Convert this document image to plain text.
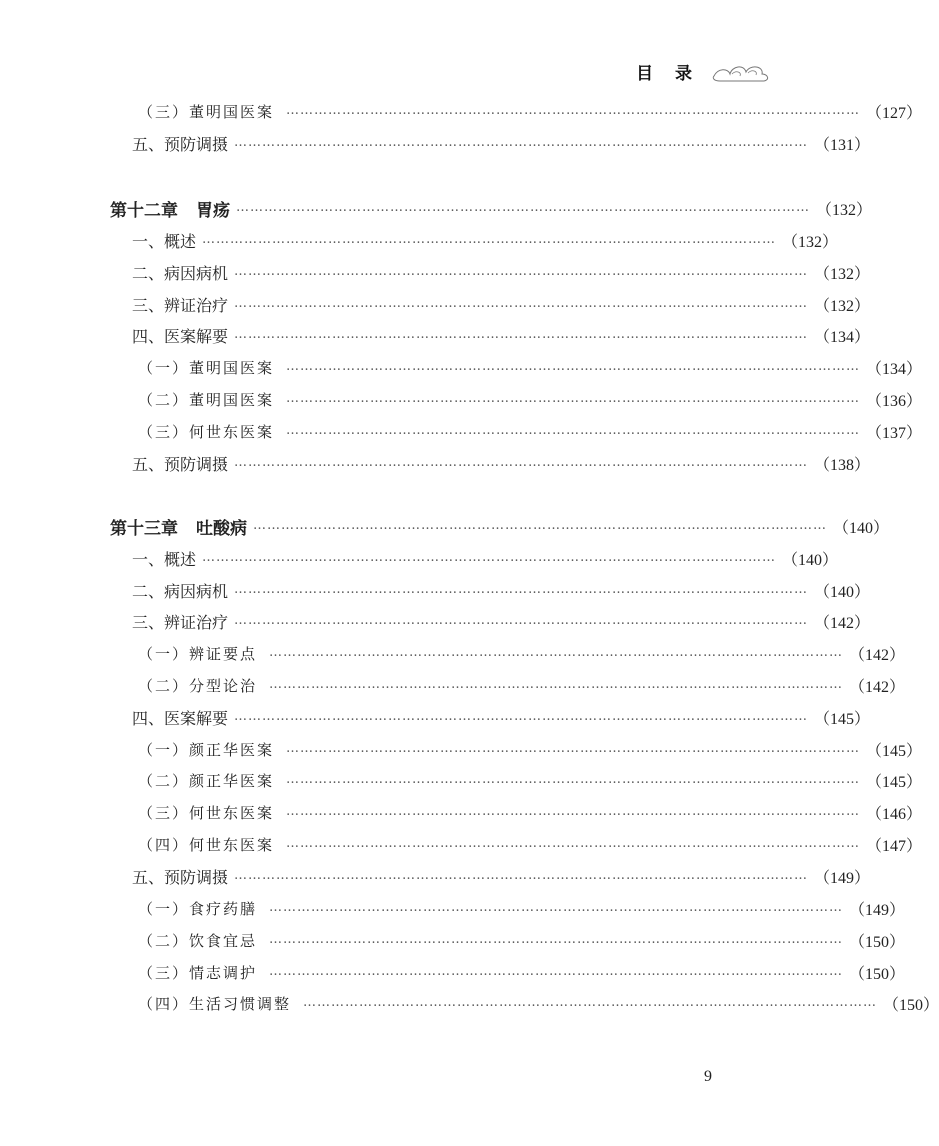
目 录
（三）董明国医案 …………………………………………………………………………………………………………… （127）
五、预防调摄 …………………………………………………………………………………………………………… （131）
第十二章 胃疡 …………………………………………………………………………………………………………… （132）
一、概述 …………………………………………………………………………………………………………… （132）
二、病因病机 …………………………………………………………………………………………………………… （132）
三、辨证治疗 …………………………………………………………………………………………………………… （132）
四、医案解要 …………………………………………………………………………………………………………… （134）
（一）董明国医案 …………………………………………………………………………………………………………… （134）
（二）董明国医案 …………………………………………………………………………………………………………… （136）
（三）何世东医案 …………………………………………………………………………………………………………… （137）
五、预防调摄 …………………………………………………………………………………………………………… （138）
第十三章 吐酸病 …………………………………………………………………………………………………………… （140）
一、概述 …………………………………………………………………………………………………………… （140）
二、病因病机 …………………………………………………………………………………………………………… （140）
三、辨证治疗 …………………………………………………………………………………………………………… （142）
（一）辨证要点 …………………………………………………………………………………………………………… （142）
（二）分型论治 …………………………………………………………………………………………………………… （142）
四、医案解要 …………………………………………………………………………………………………………… （145）
（一）颜正华医案 …………………………………………………………………………………………………………… （145）
（二）颜正华医案 …………………………………………………………………………………………………………… （145）
（三）何世东医案 …………………………………………………………………………………………………………… （146）
（四）何世东医案 …………………………………………………………………………………………………………… （147）
五、预防调摄 …………………………………………………………………………………………………………… （149）
（一）食疗药膳 …………………………………………………………………………………………………………… （149）
（二）饮食宜忌 …………………………………………………………………………………………………………… （150）
（三）情志调护 …………………………………………………………………………………………………………… （150）
（四）生活习惯调整 …………………………………………………………………………………………………………… （150）
9
